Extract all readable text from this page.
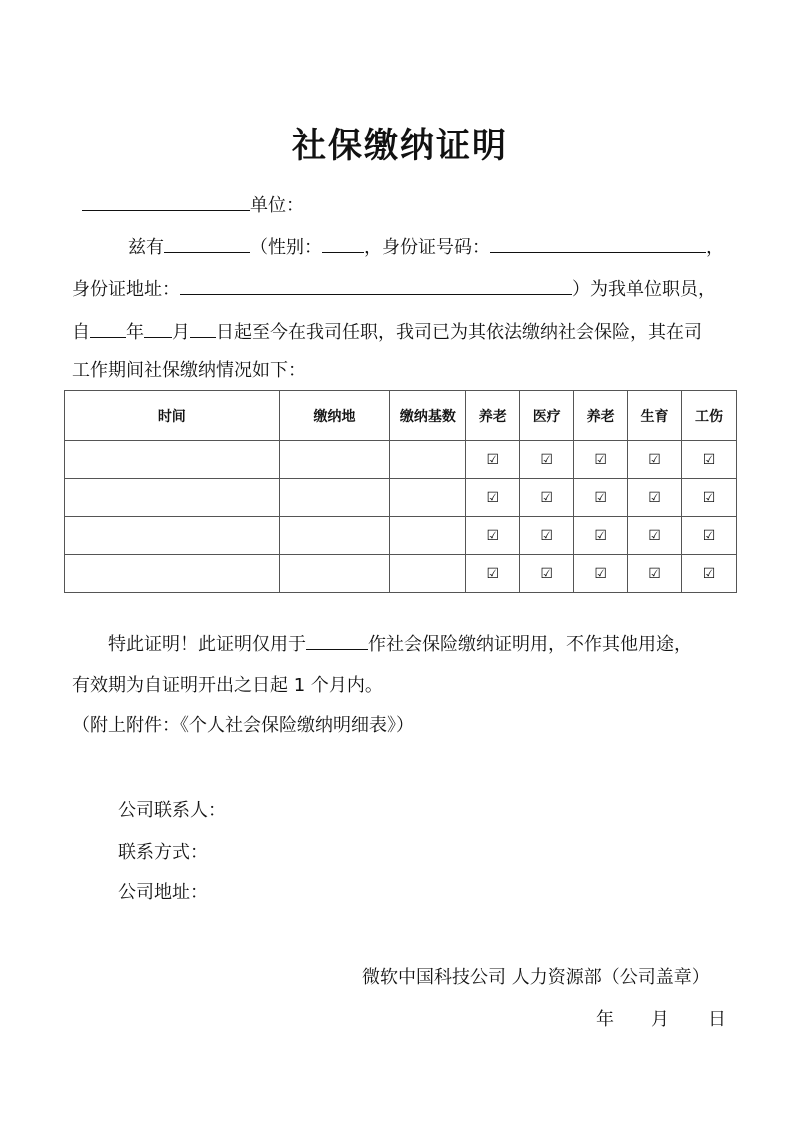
社保缴纳证明
单位：
兹有	（性别： ，身份证号码：	，
身份证地址：	）为我单位职员，
自 年 月 日起至今在我司任职，我司已为其依法缴纳社会保险，其在司
工作期间社保缴纳情况如下：
时间	缴纳地	缴纳基数	养老	医疗	养老	生育	工伤
			☑	☑	☑	☑	☑
			☑	☑	☑	☑	☑
			☑	☑	☑	☑	☑
			☑	☑	☑	☑	☑
特此证明！此证明仅用于	作社会保险缴纳证明用，不作其他用途，
有效期为自证明开出之日起 1 个月内。
（附上附件：《个人社会保险缴纳明细表》）
公司联系人：
联系方式：
公司地址：
微软中国科技公司 人力资源部（公司盖章）
年 月 日
